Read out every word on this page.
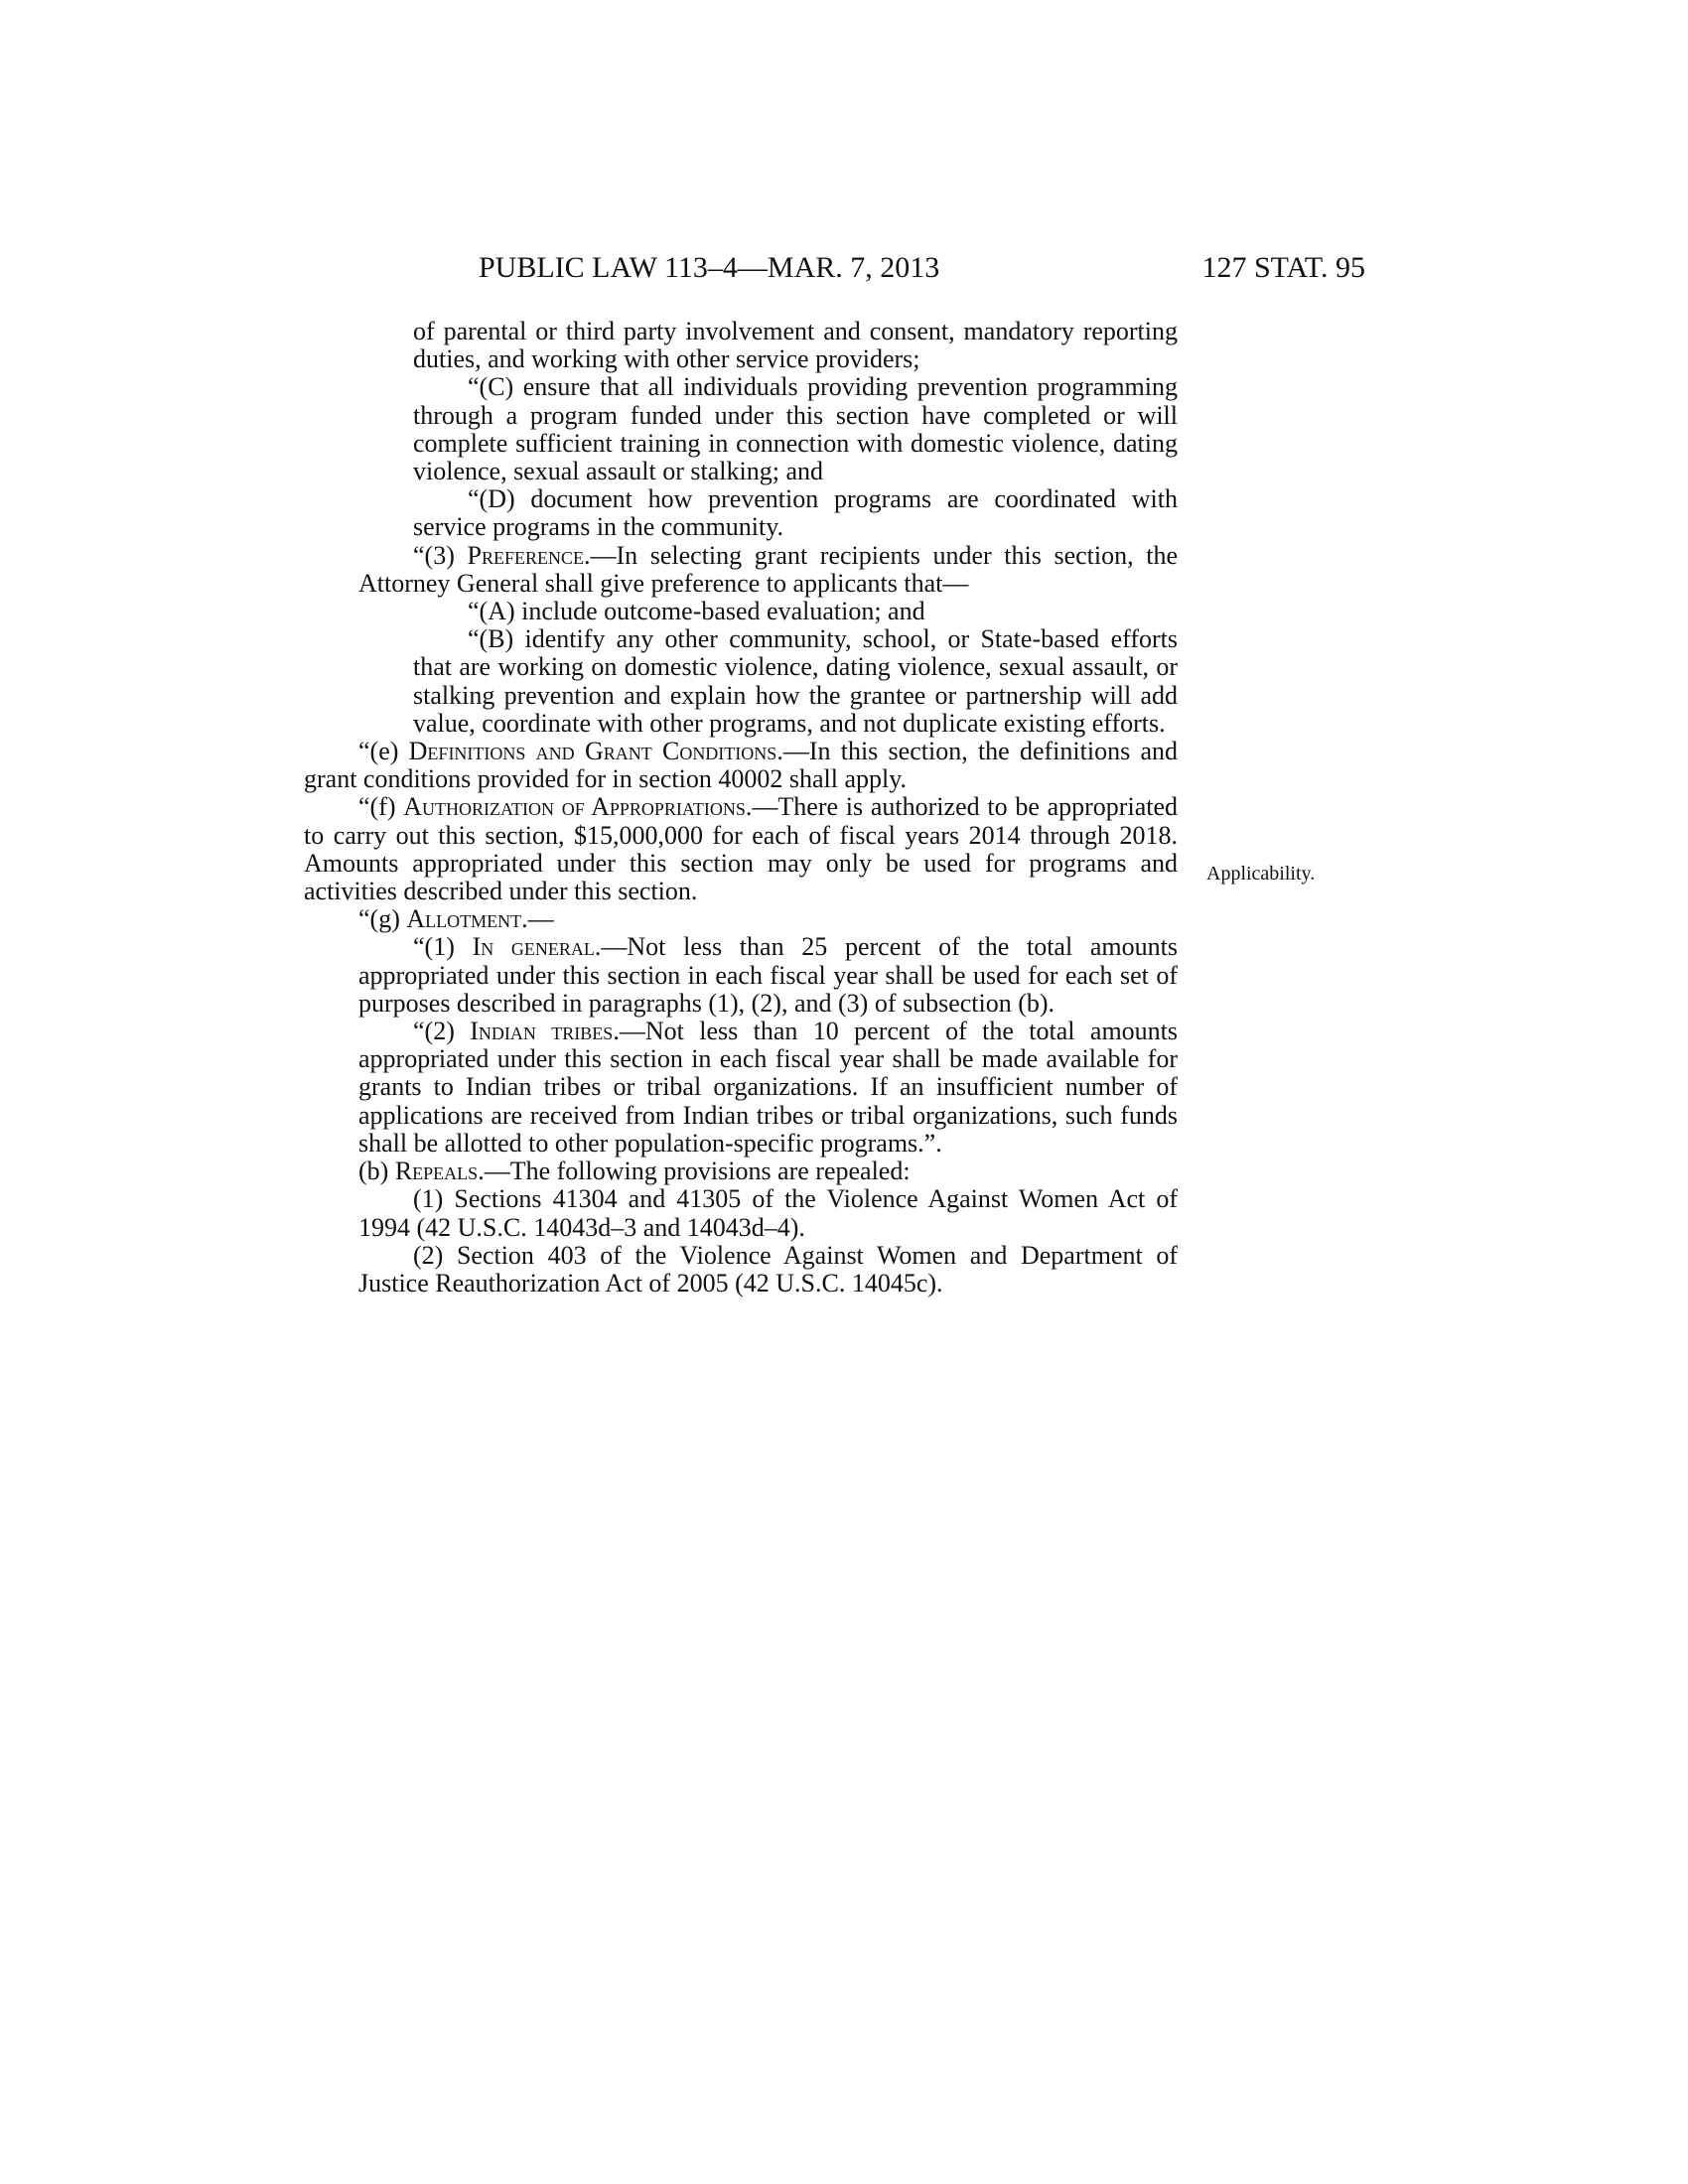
PUBLIC LAW 113–4—MAR. 7, 2013	127 STAT. 95

of parental or third party involvement and consent, mandatory reporting duties, and working with other service providers;

“(C) ensure that all individuals providing prevention programming through a program funded under this section have completed or will complete sufficient training in connection with domestic violence, dating violence, sexual assault or stalking; and

“(D) document how prevention programs are coordinated with service programs in the community.

“(3) Preference.—In selecting grant recipients under this section, the Attorney General shall give preference to applicants that—

“(A) include outcome-based evaluation; and

“(B) identify any other community, school, or State-based efforts that are working on domestic violence, dating violence, sexual assault, or stalking prevention and explain how the grantee or partnership will add value, coordinate with other programs, and not duplicate existing efforts.

“(e) Definitions and Grant Conditions.—In this section, the definitions and grant conditions provided for in section 40002 shall apply.

“(f) Authorization of Appropriations.—There is authorized to be appropriated to carry out this section, $15,000,000 for each of fiscal years 2014 through 2018. Amounts appropriated under this section may only be used for programs and activities described under this section.

“(g) Allotment.—

“(1) In general.—Not less than 25 percent of the total amounts appropriated under this section in each fiscal year shall be used for each set of purposes described in paragraphs (1), (2), and (3) of subsection (b).

“(2) Indian tribes.—Not less than 10 percent of the total amounts appropriated under this section in each fiscal year shall be made available for grants to Indian tribes or tribal organizations. If an insufficient number of applications are received from Indian tribes or tribal organizations, such funds shall be allotted to other population-specific programs.”.

(b) Repeals.—The following provisions are repealed:

(1) Sections 41304 and 41305 of the Violence Against Women Act of 1994 (42 U.S.C. 14043d–3 and 14043d–4).

(2) Section 403 of the Violence Against Women and Department of Justice Reauthorization Act of 2005 (42 U.S.C. 14045c).

Applicability.
